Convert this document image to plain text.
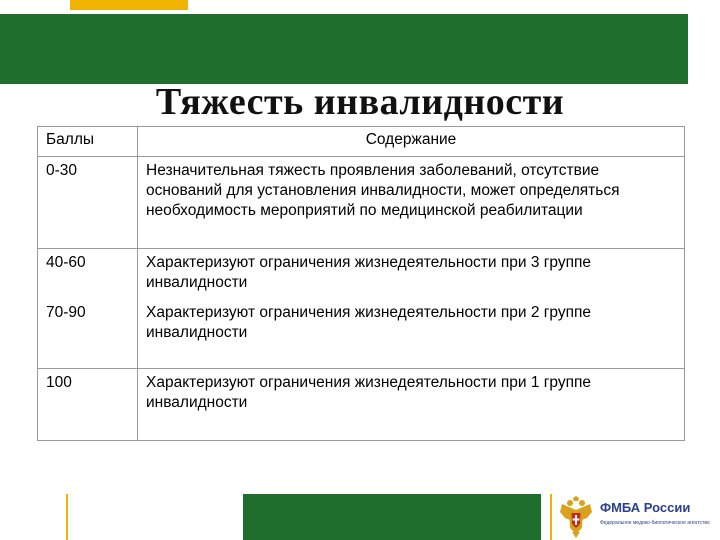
Тяжесть инвалидности
Баллы	Содержание
0-30	Незначительная тяжесть проявления заболеваний, отсутствие оснований для установления инвалидности, может определяться необходимость мероприятий по медицинской реабилитации
40-60	Характеризуют ограничения жизнедеятельности при 3 группе инвалидности
70-90	Характеризуют ограничения жизнедеятельности при 2 группе инвалидности
100	Характеризуют ограничения жизнедеятельности при 1 группе инвалидности
ФМБА России
Федеральное медико-биологическое агентство
